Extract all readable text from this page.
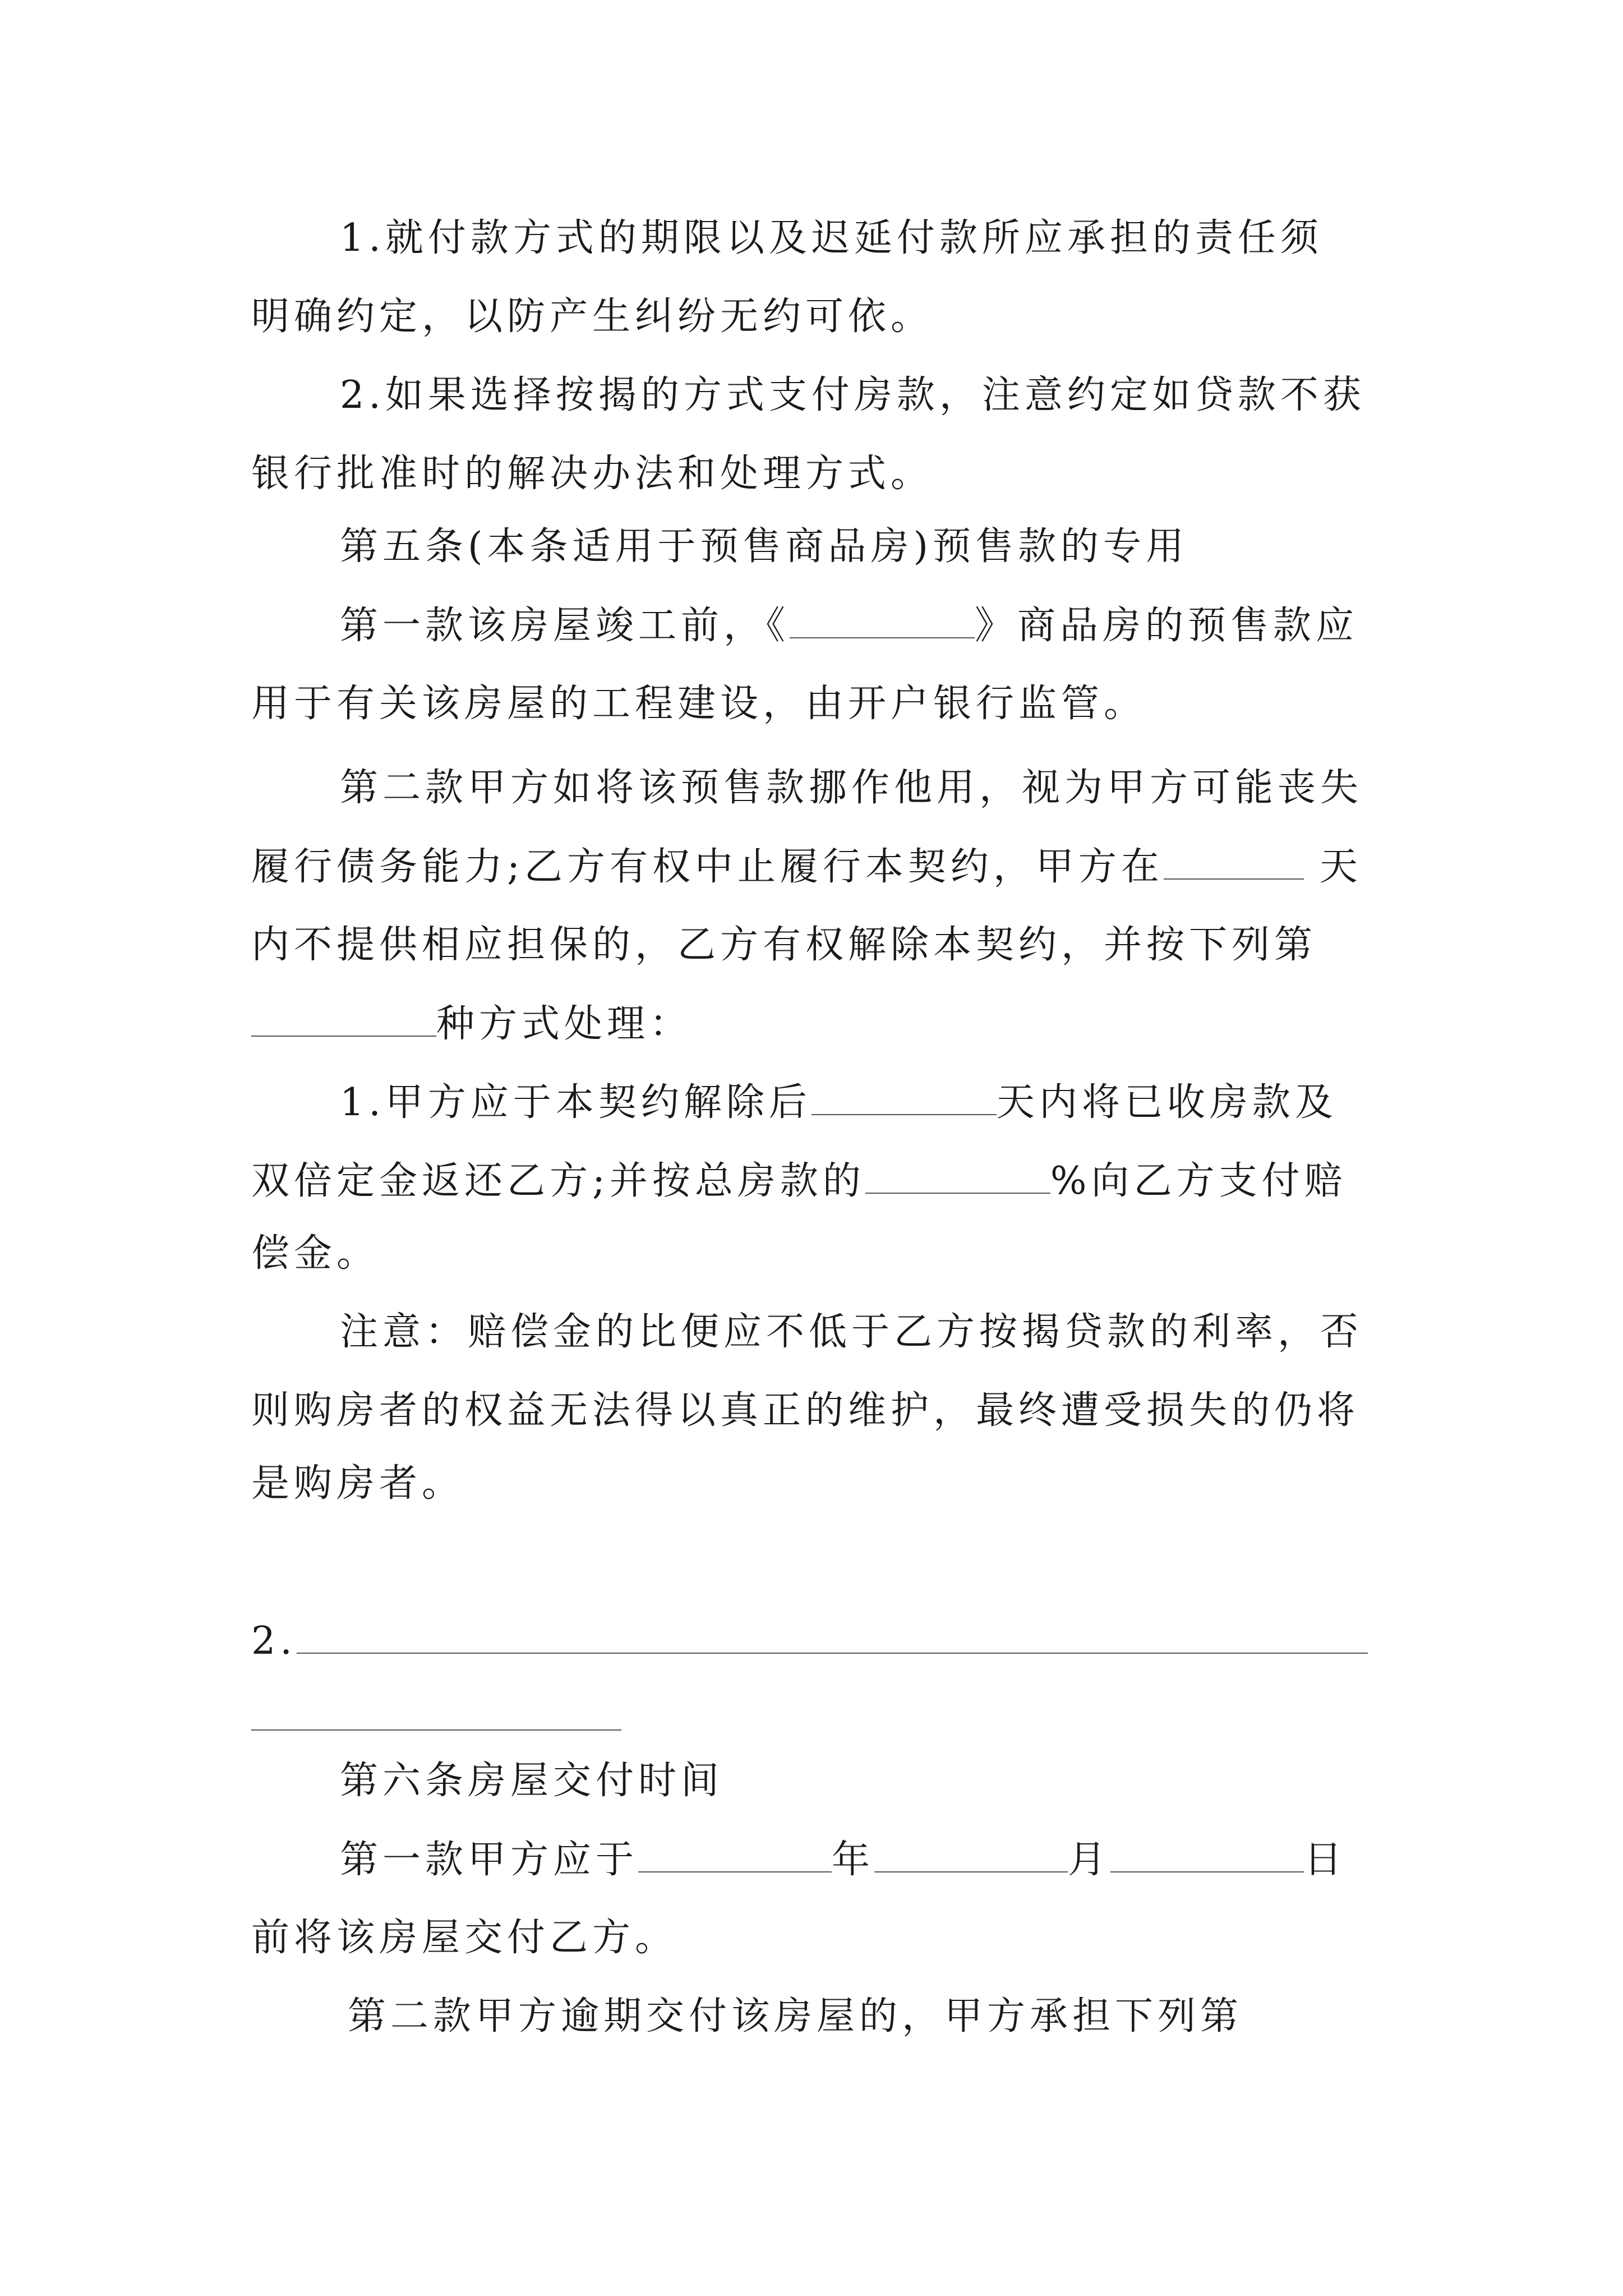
1.就付款方式的期限以及迟延付款所应承担的责任须
明确约定，以防产生纠纷无约可依。
2.如果选择按揭的方式支付房款，注意约定如贷款不获
银行批准时的解决办法和处理方式。
第五条(本条适用于预售商品房)预售款的专用
第一款该房屋竣工前，《	》商品房的预售款应
用于有关该房屋的工程建设，由开户银行监管。
第二款甲方如将该预售款挪作他用，视为甲方可能丧失
履行债务能力;乙方有权中止履行本契约，甲方在	天
内不提供相应担保的，乙方有权解除本契约，并按下列第
种方式处理：
1.甲方应于本契约解除后	天内将已收房款及
双倍定金返还乙方;并按总房款的	%向乙方支付赔
偿金。
注意：赔偿金的比便应不低于乙方按揭贷款的利率，否
则购房者的权益无法得以真正的维护，最终遭受损失的仍将
是购房者。
2.
第六条房屋交付时间
第一款甲方应于	年	月	日
前将该房屋交付乙方。
第二款甲方逾期交付该房屋的，甲方承担下列第
